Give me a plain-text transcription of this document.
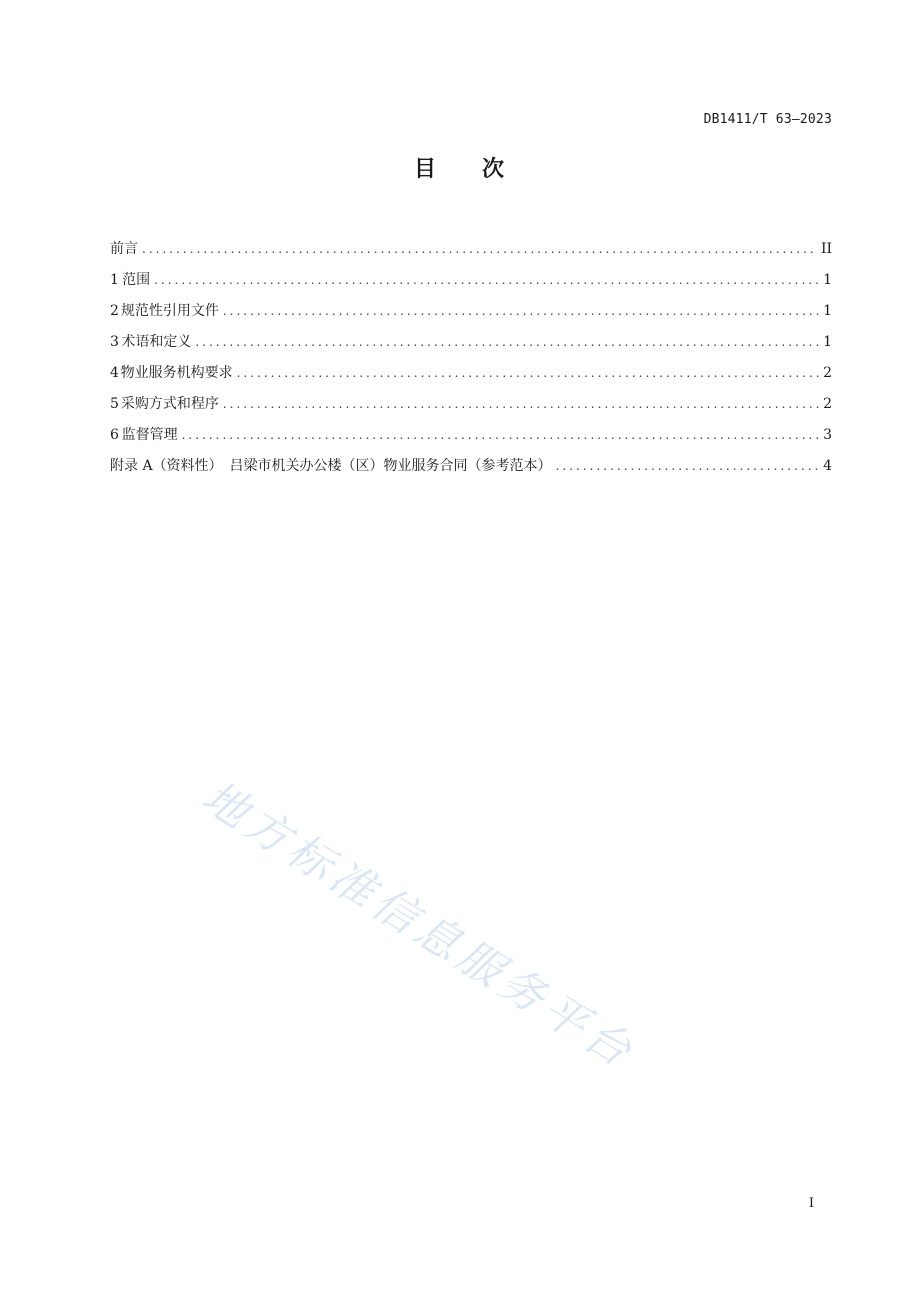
DB1411/T 63—2023
目 次
前言 .....	II
1 范围 .....	1
2 规范性引用文件 .....	1
3 术语和定义 .....	1
4 物业服务机构要求 .....	2
5 采购方式和程序 .....	2
6 监督管理 .....	3
附录 A（资料性）　吕梁市机关办公楼（区）物业服务合同（参考范本） .....	4
地方标准信息服务平台
I
